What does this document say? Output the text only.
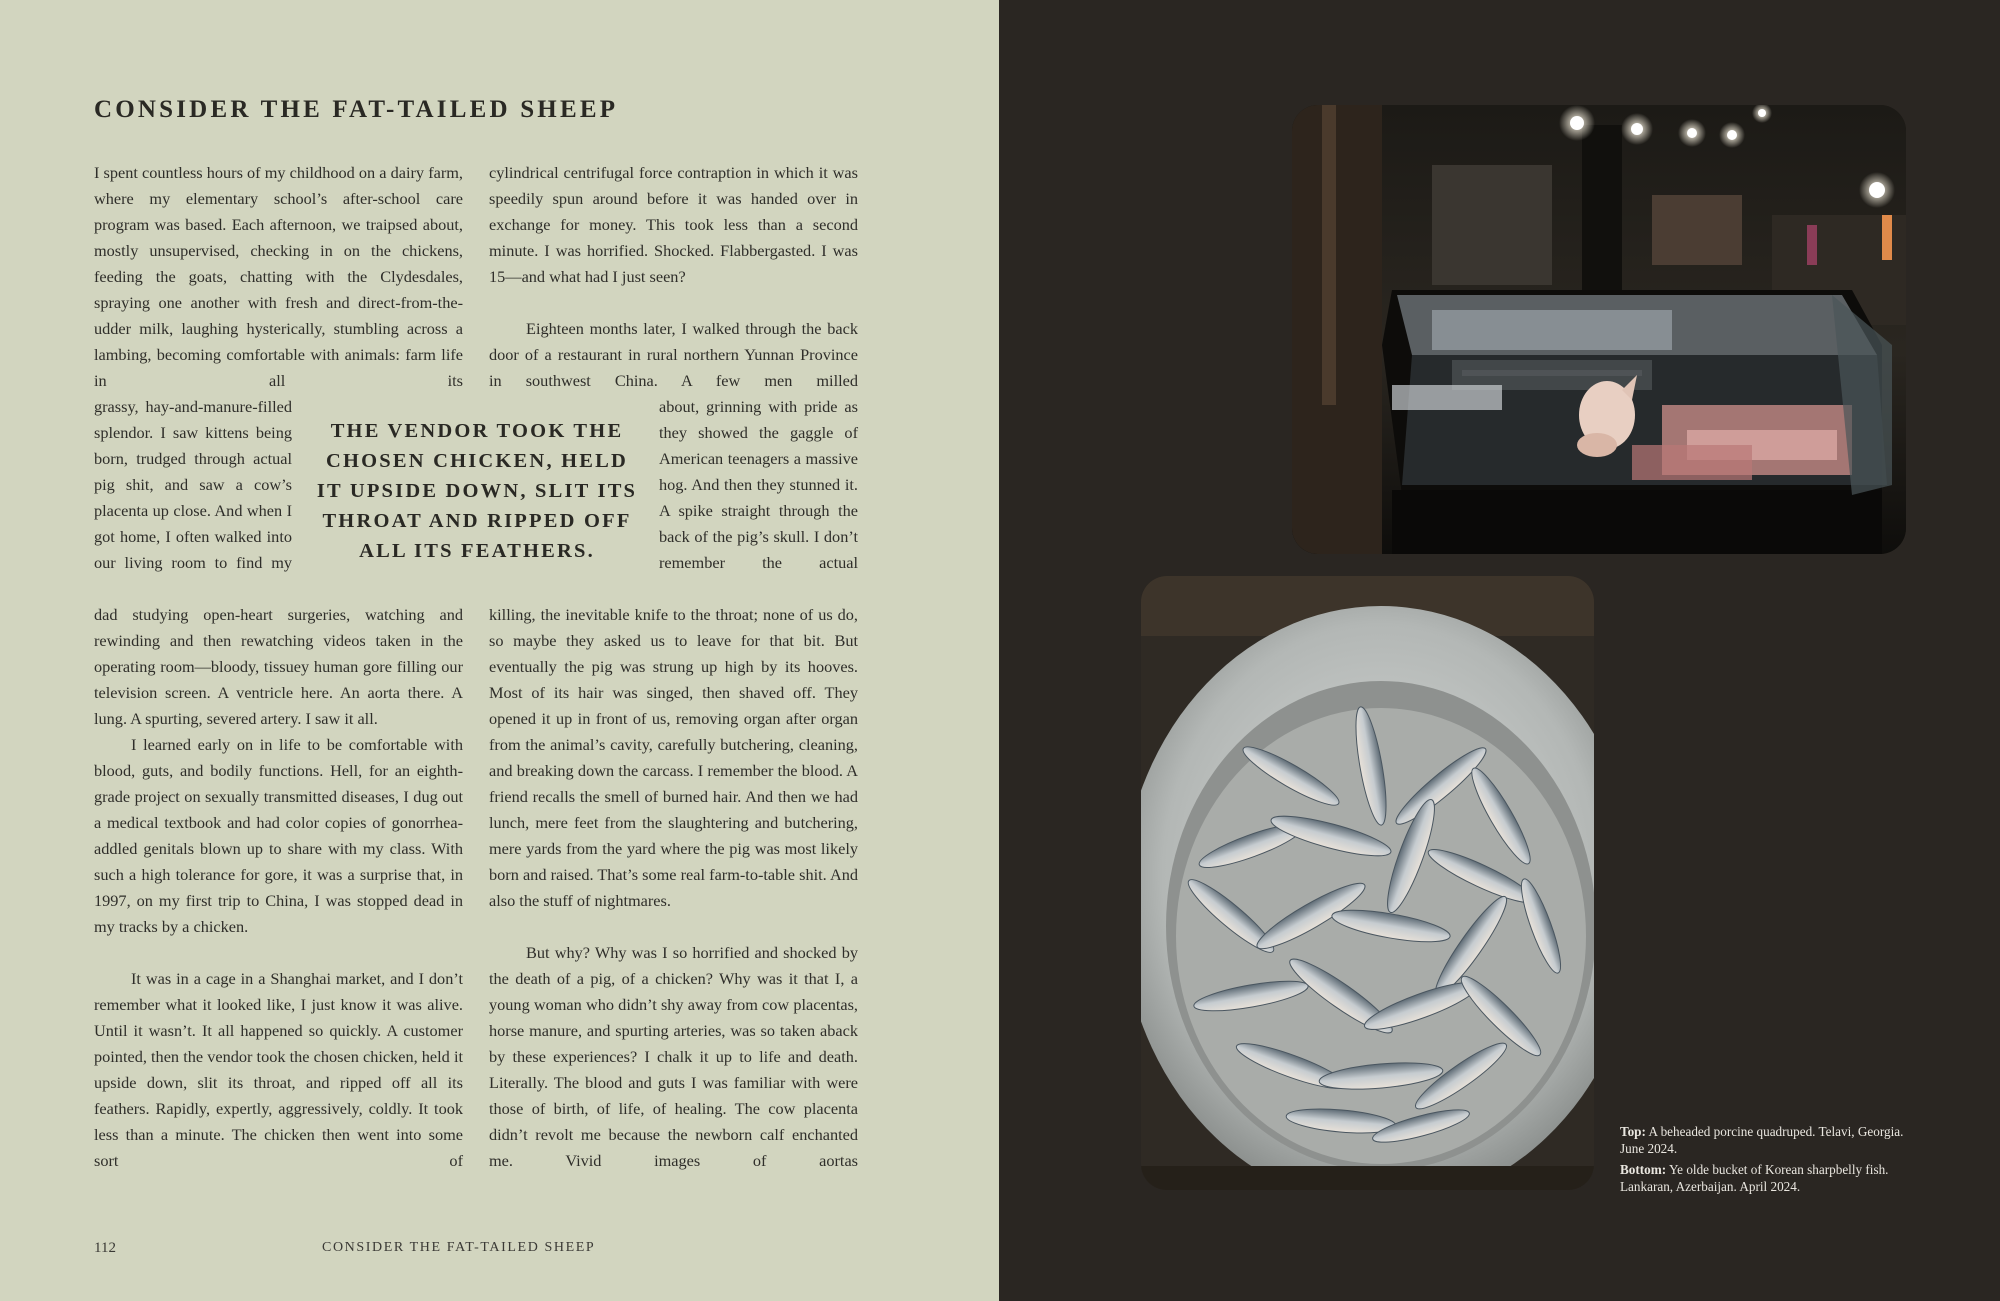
CONSIDER THE FAT-TAILED SHEEP
I spent countless hours of my childhood on a dairy farm, where my elementary school’s after-school care program was based. Each afternoon, we traipsed about, mostly unsupervised, checking in on the chickens, feeding the goats, chatting with the Clydesdales, spraying one another with fresh and direct-from-the-udder milk, laughing hysterically, stumbling across a lambing, becoming comfortable with animals: farm life in all its
grassy, hay-and-manure-filled splendor. I saw kittens being born, trudged through actual pig shit, and saw a cow’s placenta up close. And when I got home, I often walked into our living room to find my
dad studying open-heart surgeries, watching and rewinding and then rewatching videos taken in the operating room—bloody, tissuey human gore filling our television screen. A ventricle here. An aorta there. A lung. A spurting, severed artery. I saw it all.
I learned early on in life to be comfortable with blood, guts, and bodily functions. Hell, for an eighth-grade project on sexually transmitted diseases, I dug out a medical textbook and had color copies of gonorrhea-addled genitals blown up to share with my class. With such a high tolerance for gore, it was a surprise that, in 1997, on my first trip to China, I was stopped dead in my tracks by a chicken.
It was in a cage in a Shanghai market, and I don’t remember what it looked like, I just know it was alive. Until it wasn’t. It all happened so quickly. A customer pointed, then the vendor took the chosen chicken, held it upside down, slit its throat, and ripped off all its feathers. Rapidly, expertly, aggressively, coldly. It took less than a minute. The chicken then went into some sort of
cylindrical centrifugal force contraption in which it was speedily spun around before it was handed over in exchange for money. This took less than a second minute. I was horrified. Shocked. Flabbergasted. I was 15—and what had I just seen?
Eighteen months later, I walked through the back door of a restaurant in rural northern Yunnan Province in southwest China. A few men milled
about, grinning with pride as they showed the gaggle of American teenagers a massive hog. And then they stunned it. A spike straight through the back of the pig’s skull. I don’t remember the actual
killing, the inevitable knife to the throat; none of us do, so maybe they asked us to leave for that bit. But eventually the pig was strung up high by its hooves. Most of its hair was singed, then shaved off. They opened it up in front of us, removing organ after organ from the animal’s cavity, carefully butchering, cleaning, and breaking down the carcass. I remember the blood. A friend recalls the smell of burned hair. And then we had lunch, mere feet from the slaughtering and butchering, mere yards from the yard where the pig was most likely born and raised. That’s some real farm-to-table shit. And also the stuff of nightmares.
But why? Why was I so horrified and shocked by the death of a pig, of a chicken? Why was it that I, a young woman who didn’t shy away from cow placentas, horse manure, and spurting arteries, was so taken aback by these experiences? I chalk it up to life and death. Literally. The blood and guts I was familiar with were those of birth, of life, of healing. The cow placenta didn’t revolt me because the newborn calf enchanted me. Vivid images of aortas
THE VENDOR TOOK THE CHOSEN CHICKEN, HELD IT UPSIDE DOWN, SLIT ITS THROAT AND RIPPED OFF ALL ITS FEATHERS.
112	CONSIDER THE FAT-TAILED SHEEP
Top: A beheaded porcine quadruped. Telavi, Georgia. June 2024.
Bottom: Ye olde bucket of Korean sharpbelly fish. Lankaran, Azerbaijan. April 2024.
